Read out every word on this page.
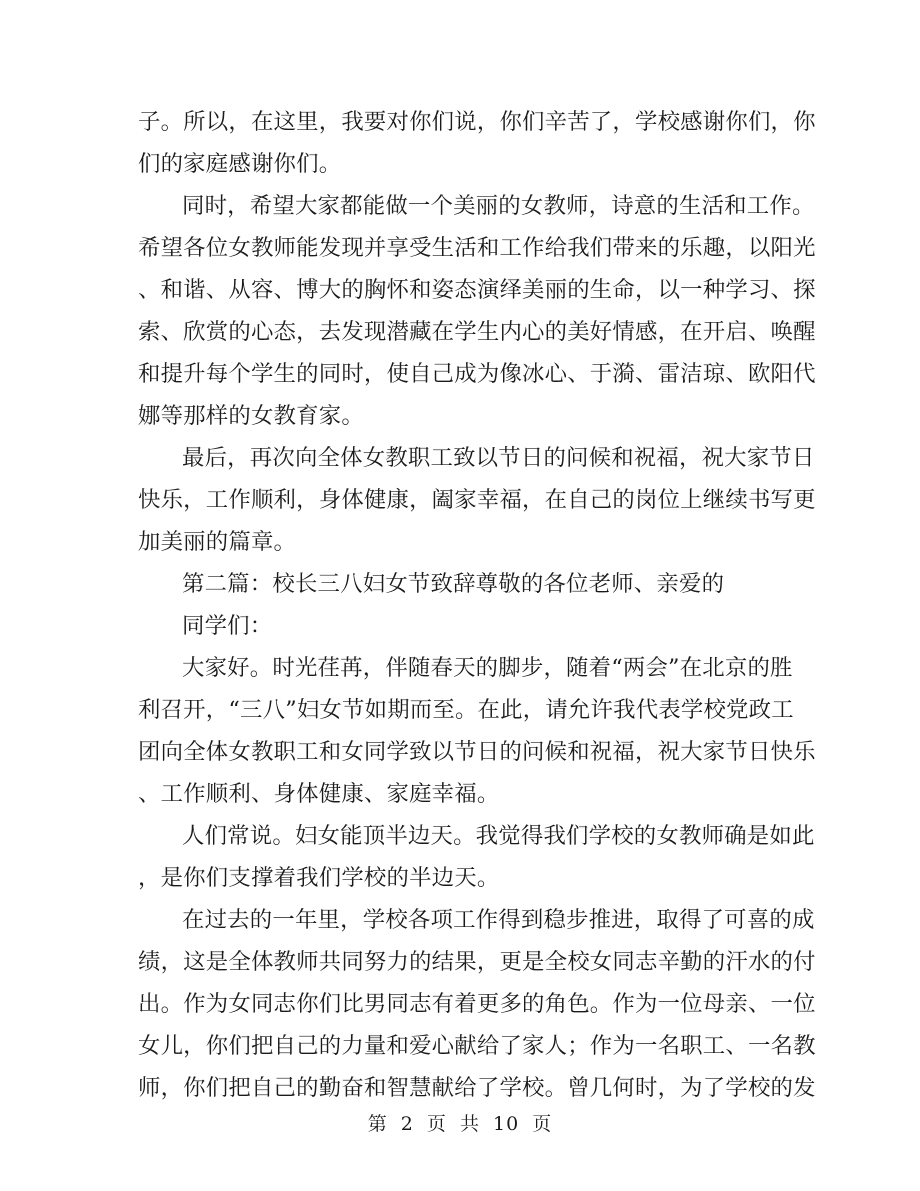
子。所以，在这里，我要对你们说，你们辛苦了，学校感谢你们，你
们的家庭感谢你们。
同时，希望大家都能做一个美丽的女教师，诗意的生活和工作。
希望各位女教师能发现并享受生活和工作给我们带来的乐趣，以阳光
、和谐、从容、博大的胸怀和姿态演绎美丽的生命，以一种学习、探
索、欣赏的心态，去发现潜藏在学生内心的美好情感，在开启、唤醒
和提升每个学生的同时，使自己成为像冰心、于漪、雷洁琼、欧阳代
娜等那样的女教育家。
最后，再次向全体女教职工致以节日的问候和祝福，祝大家节日
快乐，工作顺利，身体健康，阖家幸福，在自己的岗位上继续书写更
加美丽的篇章。
第二篇：校长三八妇女节致辞尊敬的各位老师、亲爱的
同学们：
大家好。时光荏苒，伴随春天的脚步，随着“两会”在北京的胜
利召开，“三八”妇女节如期而至。在此，请允许我代表学校党政工
团向全体女教职工和女同学致以节日的问候和祝福，祝大家节日快乐
、工作顺利、身体健康、家庭幸福。
人们常说。妇女能顶半边天。我觉得我们学校的女教师确是如此
，是你们支撑着我们学校的半边天。
在过去的一年里，学校各项工作得到稳步推进，取得了可喜的成
绩，这是全体教师共同努力的结果，更是全校女同志辛勤的汗水的付
出。作为女同志你们比男同志有着更多的角色。作为一位母亲、一位
女儿，你们把自己的力量和爱心献给了家人；作为一名职工、一名教
师，你们把自己的勤奋和智慧献给了学校。曾几何时，为了学校的发
第 2 页 共 10 页
